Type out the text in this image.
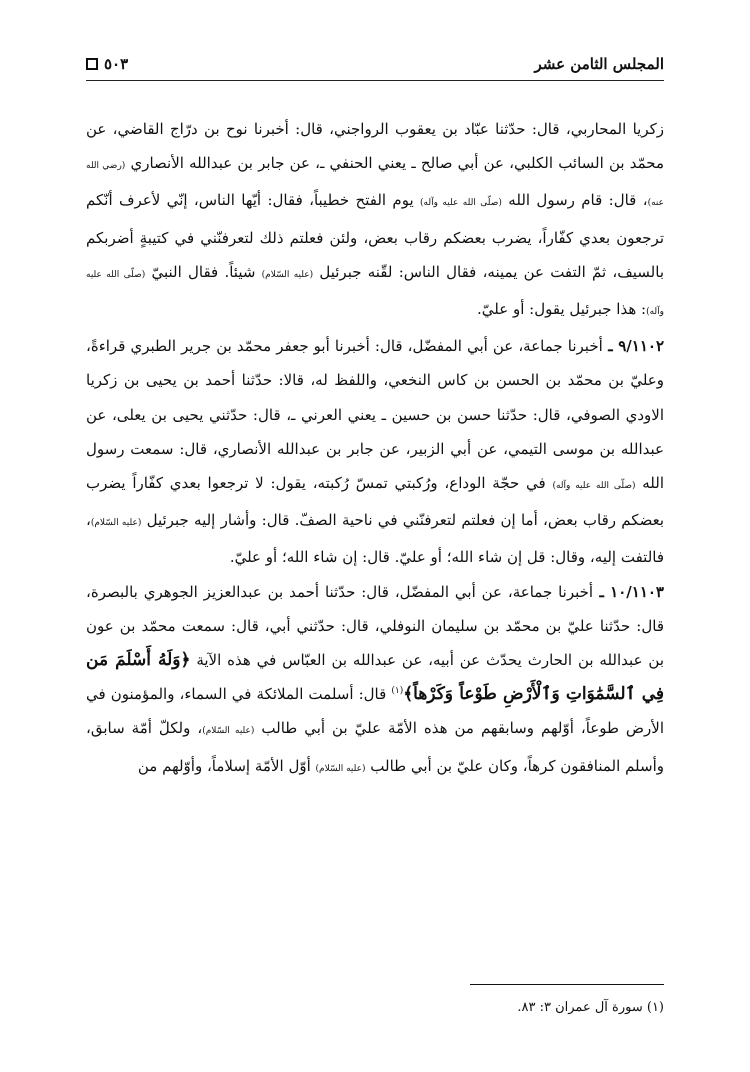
المجلس الثامن عشر
٥٠٣

زكريا المحاربي، قال: حدّثنا عبّاد بن يعقوب الرواجني، قال: أخبرنا نوح بن درّاج القاضي، عن محمّد بن السائب الكلبي، عن أبي صالح ـ يعني الحنفي ـ، عن جابر بن عبدالله الأنصاري (رضي الله عنه)، قال: قام رسول الله (صلّى الله عليه وآله) يوم الفتح خطيباً، فقال: أيّها الناس، إنّي لأعرف أنّكم ترجعون بعدي كفّاراً، يضرب بعضكم رقاب بعض، ولئن فعلتم ذلك لتعرفنّني في كتيبةٍ أضربكم بالسيف، ثمّ التفت عن يمينه، فقال الناس: لقّنه جبرئيل (عليه السّلام) شيئاً. فقال النبيّ (صلّى الله عليه وآله): هذا جبرئيل يقول: أو عليّ.

٩/١١٠٢ ـ أخبرنا جماعة، عن أبي المفضّل، قال: أخبرنا أبو جعفر محمّد بن جرير الطبري قراءةً، وعليّ بن محمّد بن الحسن بن كاس النخعي، واللفظ له، قالا: حدّثنا أحمد بن يحيى بن زكريا الاودي الصوفي، قال: حدّثنا حسن بن حسين ـ يعني العرني ـ، قال: حدّثني يحيى بن يعلى، عن عبدالله بن موسى التيمي، عن أبي الزبير، عن جابر بن عبدالله الأنصاري، قال: سمعت رسول الله (صلّى الله عليه وآله) في حجّة الوداع، ورُكبتي تمسّ رُكبته، يقول: لا ترجعوا بعدي كفّاراً يضرب بعضكم رقاب بعض، أما إن فعلتم لتعرفنّني في ناحية الصفّ. قال: وأشار إليه جبرئيل (عليه السّلام)، فالتفت إليه، وقال: قل إن شاء الله؛ أو عليّ. قال: إن شاء الله؛ أو عليّ.

١٠/١١٠٣ ـ أخبرنا جماعة، عن أبي المفضّل، قال: حدّثنا أحمد بن عبدالعزيز الجوهري بالبصرة، قال: حدّثنا عليّ بن محمّد بن سليمان النوفلي، قال: حدّثني أبي، قال: سمعت محمّد بن عون بن عبدالله بن الحارث يحدّث عن أبيه، عن عبدالله بن العبّاس في هذه الآية ﴿وَلَهُ أَسْلَمَ مَن فِي ٱلسَّمَٰوَاتِ وَٱلْأَرْضِ طَوْعاً وَكَرْهاً﴾$^{(١)}$ قال: أسلمت الملائكة في السماء، والمؤمنون في الأرض طوعاً، أوّلهم وسابقهم من هذه الأمّة عليّ بن أبي طالب (عليه السّلام)، ولكلّ أمّة سابق، وأسلم المنافقون كرهاً، وكان عليّ بن أبي طالب (عليه السّلام) أوّل الأمّة إسلاماً، وأوّلهم من

(١) سورة آل عمران ٣: ٨٣.
